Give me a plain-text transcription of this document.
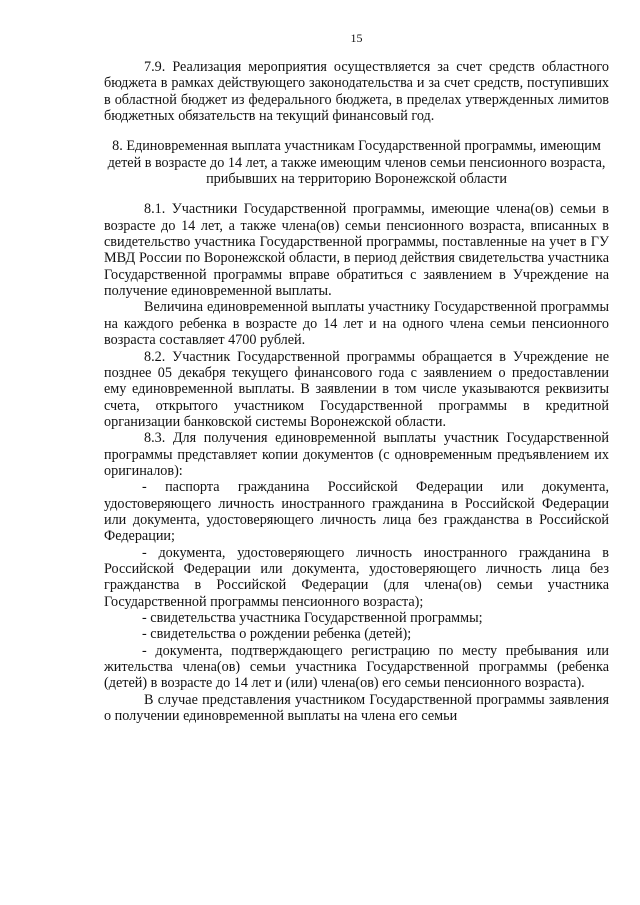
15

7.9. Реализация мероприятия осуществляется за счет средств областного бюджета в рамках действующего законодательства и за счет средств, поступивших в областной бюджет из федерального бюджета, в пределах утвержденных лимитов бюджетных обязательств на текущий финансовый год.

8. Единовременная выплата участникам Государственной программы, имеющим детей в возрасте до 14 лет, а также имеющим членов семьи пенсионного возраста, прибывших на территорию Воронежской области

8.1. Участники Государственной программы, имеющие члена(ов) семьи в возрасте до 14 лет, а также члена(ов) семьи пенсионного возраста, вписанных в свидетельство участника Государственной программы, поставленные на учет в ГУ МВД России по Воронежской области, в период действия свидетельства участника Государственной программы вправе обратиться с заявлением в Учреждение на получение единовременной выплаты.

Величина единовременной выплаты участнику Государственной программы на каждого ребенка в возрасте до 14 лет и на одного члена семьи пенсионного возраста составляет 4700 рублей.

8.2. Участник Государственной программы обращается в Учреждение не позднее 05 декабря текущего финансового года с заявлением о предоставлении ему единовременной выплаты. В заявлении в том числе указываются реквизиты счета, открытого участником Государственной программы в кредитной организации банковской системы Воронежской области.

8.3. Для получения единовременной выплаты участник Государственной программы представляет копии документов (с одновременным предъявлением их оригиналов):

- паспорта гражданина Российской Федерации или документа, удостоверяющего личность иностранного гражданина в Российской Федерации или документа, удостоверяющего личность лица без гражданства в Российской Федерации;

- документа, удостоверяющего личность иностранного гражданина в Российской Федерации или документа, удостоверяющего личность лица без гражданства в Российской Федерации (для члена(ов) семьи участника Государственной программы пенсионного возраста);

- свидетельства участника Государственной программы;

- свидетельства о рождении ребенка (детей);

- документа, подтверждающего регистрацию по месту пребывания или жительства члена(ов) семьи участника Государственной программы (ребенка (детей) в возрасте до 14 лет и (или) члена(ов) его семьи пенсионного возраста).

В случае представления участником Государственной программы заявления о получении единовременной выплаты на члена его семьи
